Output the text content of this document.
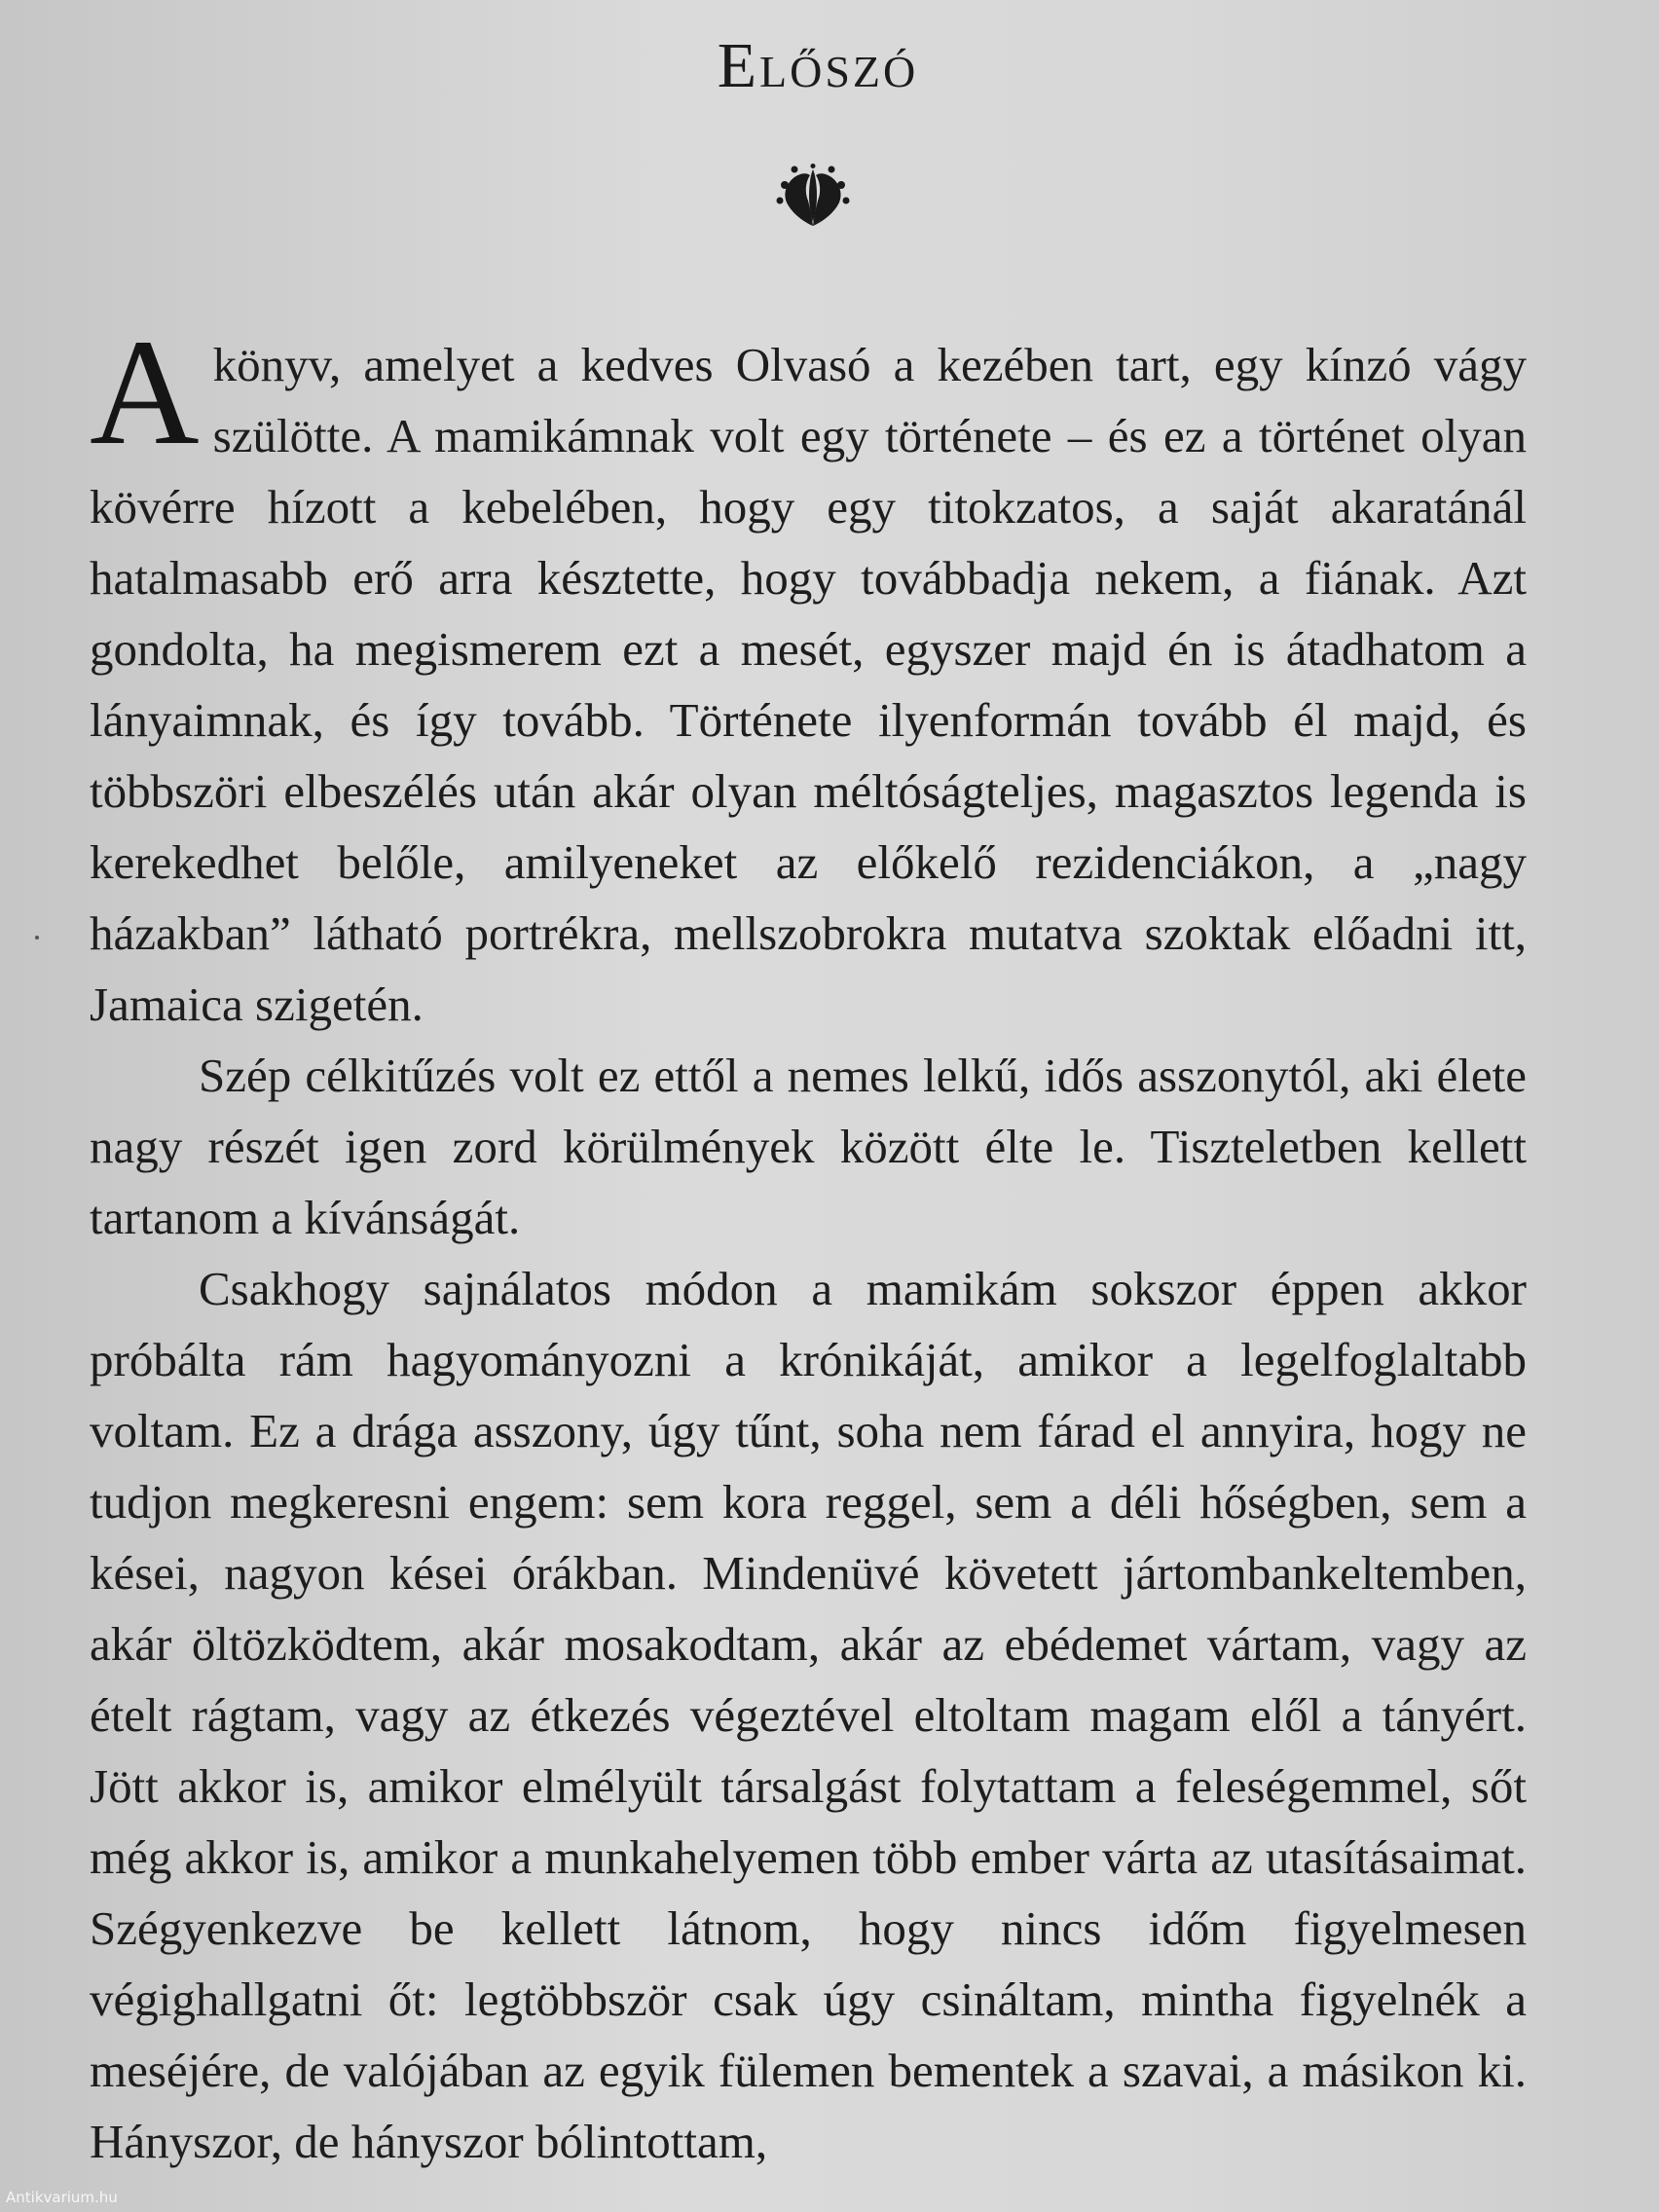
Előszó

A könyv, amelyet a kedves Olvasó a kezében tart, egy kínzó vágy szülötte. A mamikámnak volt egy története – és ez a történet olyan kövérre hízott a kebelében, hogy egy titokzatos, a saját akaratánál hatalmasabb erő arra késztette, hogy továbbadja nekem, a fiának. Azt gondolta, ha megismerem ezt a mesét, egyszer majd én is átadhatom a lányaimnak, és így tovább. Története ilyenformán tovább él majd, és többszöri elbeszélés után akár olyan méltóságteljes, magasztos legenda is kerekedhet belőle, amilyeneket az előkelő rezidenciákon, a „nagy házakban” látható portrékra, mellszobrokra mutatva szoktak előadni itt, Jamaica szigetén.

Szép célkitűzés volt ez ettől a nemes lelkű, idős asszonytól, aki élete nagy részét igen zord körülmények között élte le. Tiszteletben kellett tartanom a kívánságát.

Csakhogy sajnálatos módon a mamikám sokszor éppen akkor próbálta rám hagyományozni a krónikáját, amikor a legelfoglaltabb voltam. Ez a drága asszony, úgy tűnt, soha nem fárad el annyira, hogy ne tudjon megkeresni engem: sem kora reggel, sem a déli hőségben, sem a kései, nagyon kései órákban. Mindenüvé követett jártombankeltemben, akár öltözködtem, akár mosakodtam, akár az ebédemet vártam, vagy az ételt rágtam, vagy az étkezés végeztével eltoltam magam elől a tányért. Jött akkor is, amikor elmélyült társalgást folytattam a feleségemmel, sőt még akkor is, amikor a munkahelyemen több ember várta az utasításaimat. Szégyenkezve be kellett látnom, hogy nincs időm figyelmesen végighallgatni őt: legtöbbször csak úgy csináltam, mintha figyelnék a meséjére, de valójában az egyik fülemen bementek a szavai, a másikon ki. Hányszor, de hányszor bólintottam,

Antikvarium.hu
